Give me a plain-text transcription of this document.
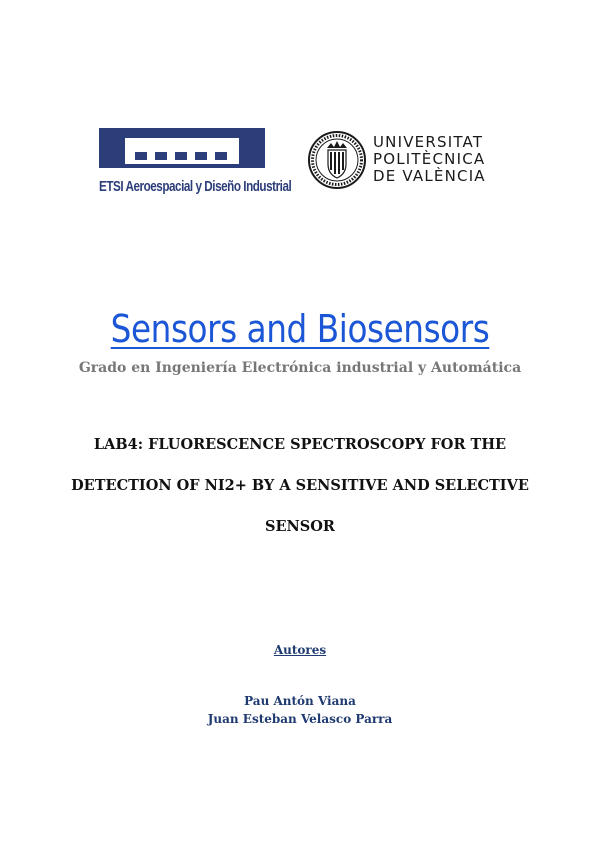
ETSI Aeroespacial y Diseño Industrial
UNIVERSITAT
POLITÈCNICA
DE VALÈNCIA
Sensors and Biosensors
Grado en Ingeniería Electrónica industrial y Automática
LAB4: FLUORESCENCE SPECTROSCOPY FOR THE DETECTION OF NI2+ BY A SENSITIVE AND SELECTIVE SENSOR
Autores
Pau Antón Viana
Juan Esteban Velasco Parra
